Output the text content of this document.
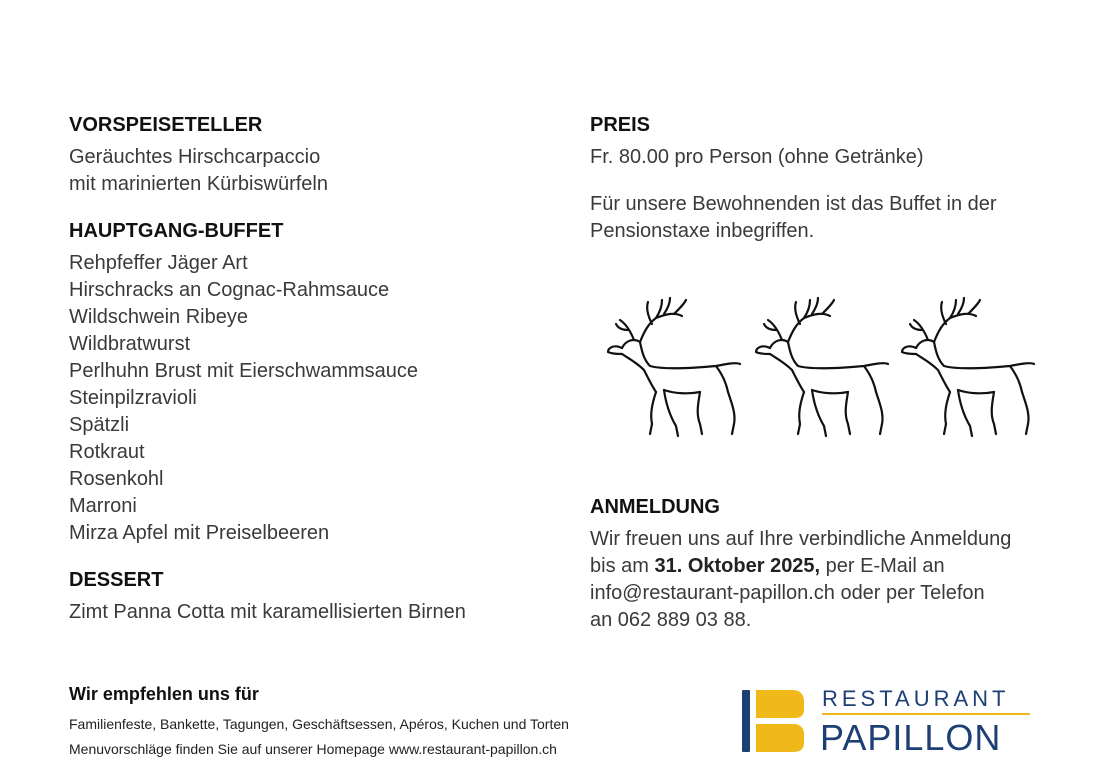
VORSPEISETELLER

Geräuchtes Hirschcarpaccio

mit marinierten Kürbiswürfeln

HAUPTGANG-BUFFET

Rehpfeffer Jäger Art

Hirschracks an Cognac-Rahmsauce

Wildschwein Ribeye

Wildbratwurst

Perlhuhn Brust mit Eierschwammsauce

Steinpilzravioli

Spätzli

Rotkraut

Rosenkohl

Marroni

Mirza Apfel mit Preiselbeeren

DESSERT

Zimt Panna Cotta mit karamellisierten Birnen

PREIS

Fr. 80.00 pro Person (ohne Getränke)

Für unsere Bewohnenden ist das Buffet in der

Pensionstaxe inbegriffen.

ANMELDUNG

Wir freuen uns auf Ihre verbindliche Anmeldung

bis am 31. Oktober 2025, per E-Mail an

info@restaurant-papillon.ch oder per Telefon

an 062 889 03 88.

Wir empfehlen uns für

Familienfeste, Bankette, Tagungen, Geschäftsessen, Apéros, Kuchen und Torten

Menuvorschläge finden Sie auf unserer Homepage www.restaurant-papillon.ch

RESTAURANT
PAPILLON
